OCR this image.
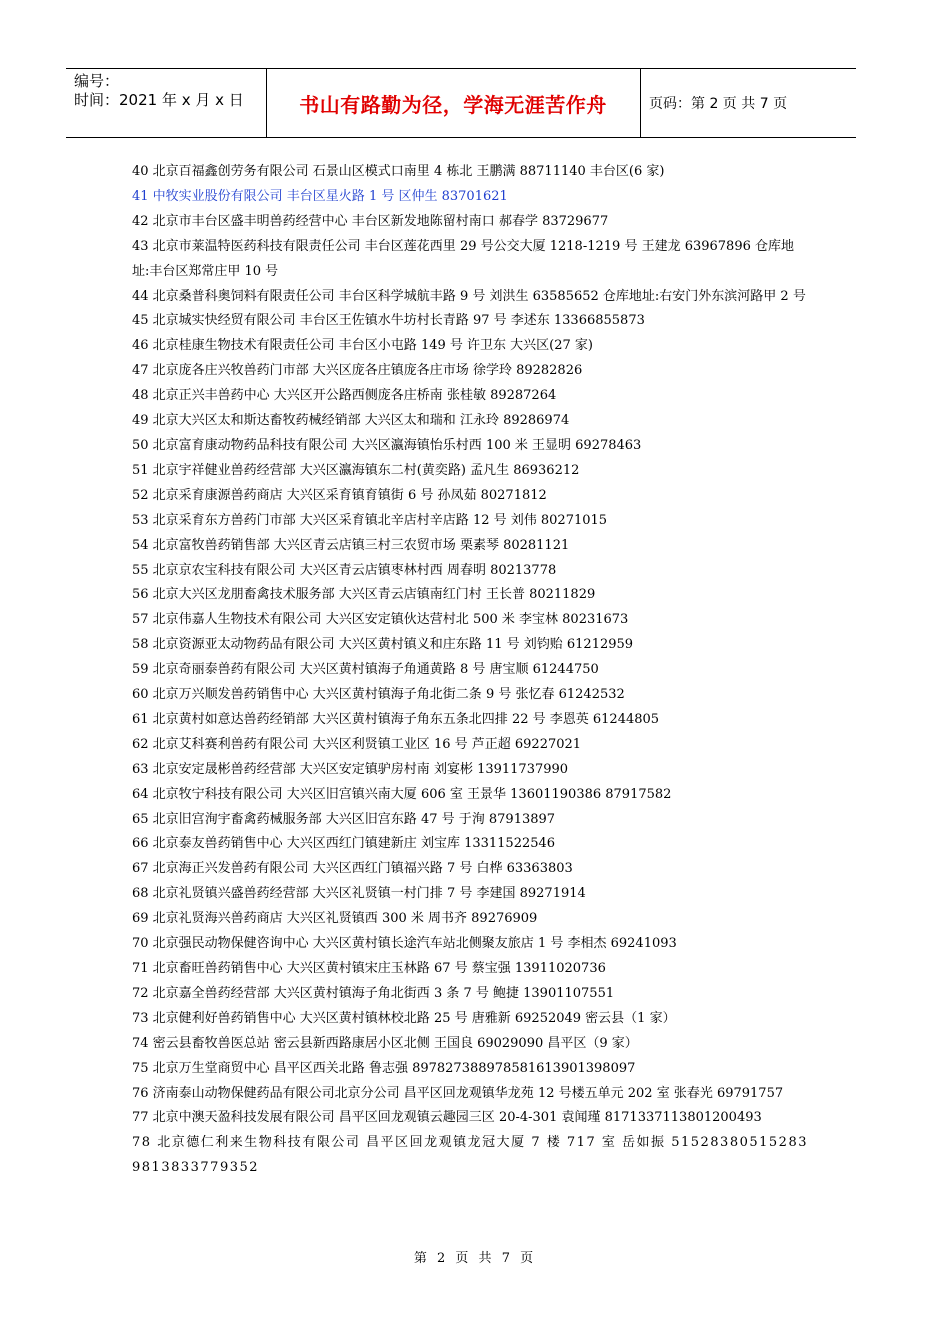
编号：
时间：2021 年 x 月 x 日	书山有路勤为径，学海无涯苦作舟	页码：第 2 页 共 7 页
40 北京百福鑫创劳务有限公司 石景山区模式口南里 4 栋北 王鹏满 88711140 丰台区(6 家)
41 中牧实业股份有限公司 丰台区星火路 1 号 区仲生 83701621
42 北京市丰台区盛丰明兽药经营中心 丰台区新发地陈留村南口 郝春学 83729677
43 北京市莱温特医药科技有限责任公司 丰台区莲花西里 29 号公交大厦 1218-1219 号 王建龙 63967896 仓库地址:丰台区郑常庄甲 10 号
44 北京桑普科奥饲料有限责任公司 丰台区科学城航丰路 9 号 刘洪生 63585652 仓库地址:右安门外东滨河路甲 2 号
45 北京城实快经贸有限公司 丰台区王佐镇水牛坊村长青路 97 号 李述东 13366855873
46 北京桂康生物技术有限责任公司 丰台区小屯路 149 号 许卫东 大兴区(27 家)
47 北京庞各庄兴牧兽药门市部 大兴区庞各庄镇庞各庄市场 徐学玲 89282826
48 北京正兴丰兽药中心 大兴区开公路西侧庞各庄桥南 张桂敏 89287264
49 北京大兴区太和斯达畜牧药械经销部 大兴区太和瑞和 江永玲 89286974
50 北京富育康动物药品科技有限公司 大兴区瀛海镇怡乐村西 100 米 王显明 69278463
51 北京宇祥健业兽药经营部 大兴区瀛海镇东二村(黄奕路) 孟凡生 86936212
52 北京采育康源兽药商店 大兴区采育镇育镇街 6 号 孙凤茹 80271812
53 北京采育东方兽药门市部 大兴区采育镇北辛店村辛店路 12 号 刘伟 80271015
54 北京富牧兽药销售部 大兴区青云店镇三村三农贸市场 栗素琴 80281121
55 北京京农宝科技有限公司 大兴区青云店镇枣林村西 周春明 80213778
56 北京大兴区龙朋畜禽技术服务部 大兴区青云店镇南红门村 王长普 80211829
57 北京伟嘉人生物技术有限公司 大兴区安定镇伙达营村北 500 米 李宝林 80231673
58 北京资源亚太动物药品有限公司 大兴区黄村镇义和庄东路 11 号 刘钧贻 61212959
59 北京奇丽泰兽药有限公司 大兴区黄村镇海子角通黄路 8 号 唐宝顺 61244750
60 北京万兴顺发兽药销售中心 大兴区黄村镇海子角北街二条 9 号 张忆春 61242532
61 北京黄村如意达兽药经销部 大兴区黄村镇海子角东五条北四排 22 号 李恩英 61244805
62 北京艾科赛利兽药有限公司 大兴区利贤镇工业区 16 号 芦正超 69227021
63 北京安定晟彬兽药经营部 大兴区安定镇驴房村南 刘宴彬 13911737990
64 北京牧宁科技有限公司 大兴区旧宫镇兴南大厦 606 室 王景华 13601190386 87917582
65 北京旧宫洵宇畜禽药械服务部 大兴区旧宫东路 47 号 于洵 87913897
66 北京泰友兽药销售中心 大兴区西红门镇建新庄 刘宝库 13311522546
67 北京海正兴发兽药有限公司 大兴区西红门镇福兴路 7 号 白桦 63363803
68 北京礼贤镇兴盛兽药经营部 大兴区礼贤镇一村门排 7 号 李建国 89271914
69 北京礼贤海兴兽药商店 大兴区礼贤镇西 300 米 周书齐 89276909
70 北京强民动物保健咨询中心 大兴区黄村镇长途汽车站北侧聚友旅店 1 号 李相杰 69241093
71 北京畜旺兽药销售中心 大兴区黄村镇宋庄玉林路 67 号 蔡宝强 13911020736
72 北京嘉全兽药经营部 大兴区黄村镇海子角北街西 3 条 7 号 鲍捷 13901107551
73 北京健利好兽药销售中心 大兴区黄村镇林校北路 25 号 唐雅新 69252049 密云县（1 家）
74 密云县畜牧兽医总站 密云县新西路康居小区北侧 王国良 69029090 昌平区（9 家）
75 北京万生堂商贸中心 昌平区西关北路 鲁志强 8978273889785816139013980​97
76 济南泰山动物保健药品有限公司北京分公司 昌平区回龙观镇华龙苑 12 号楼五单元 202 室 张春光 69791757
77 北京中澳天盈科技发展有限公司 昌平区回龙观镇云趣园三区 20-4-301 袁闻瑾 8171337113801200493
78 北京德仁利来生物科技有限公司 昌平区回龙观镇龙冠大厦 7 楼 717 室 岳如振 5152838051528398138337793​52
第 2 页 共 7 页
